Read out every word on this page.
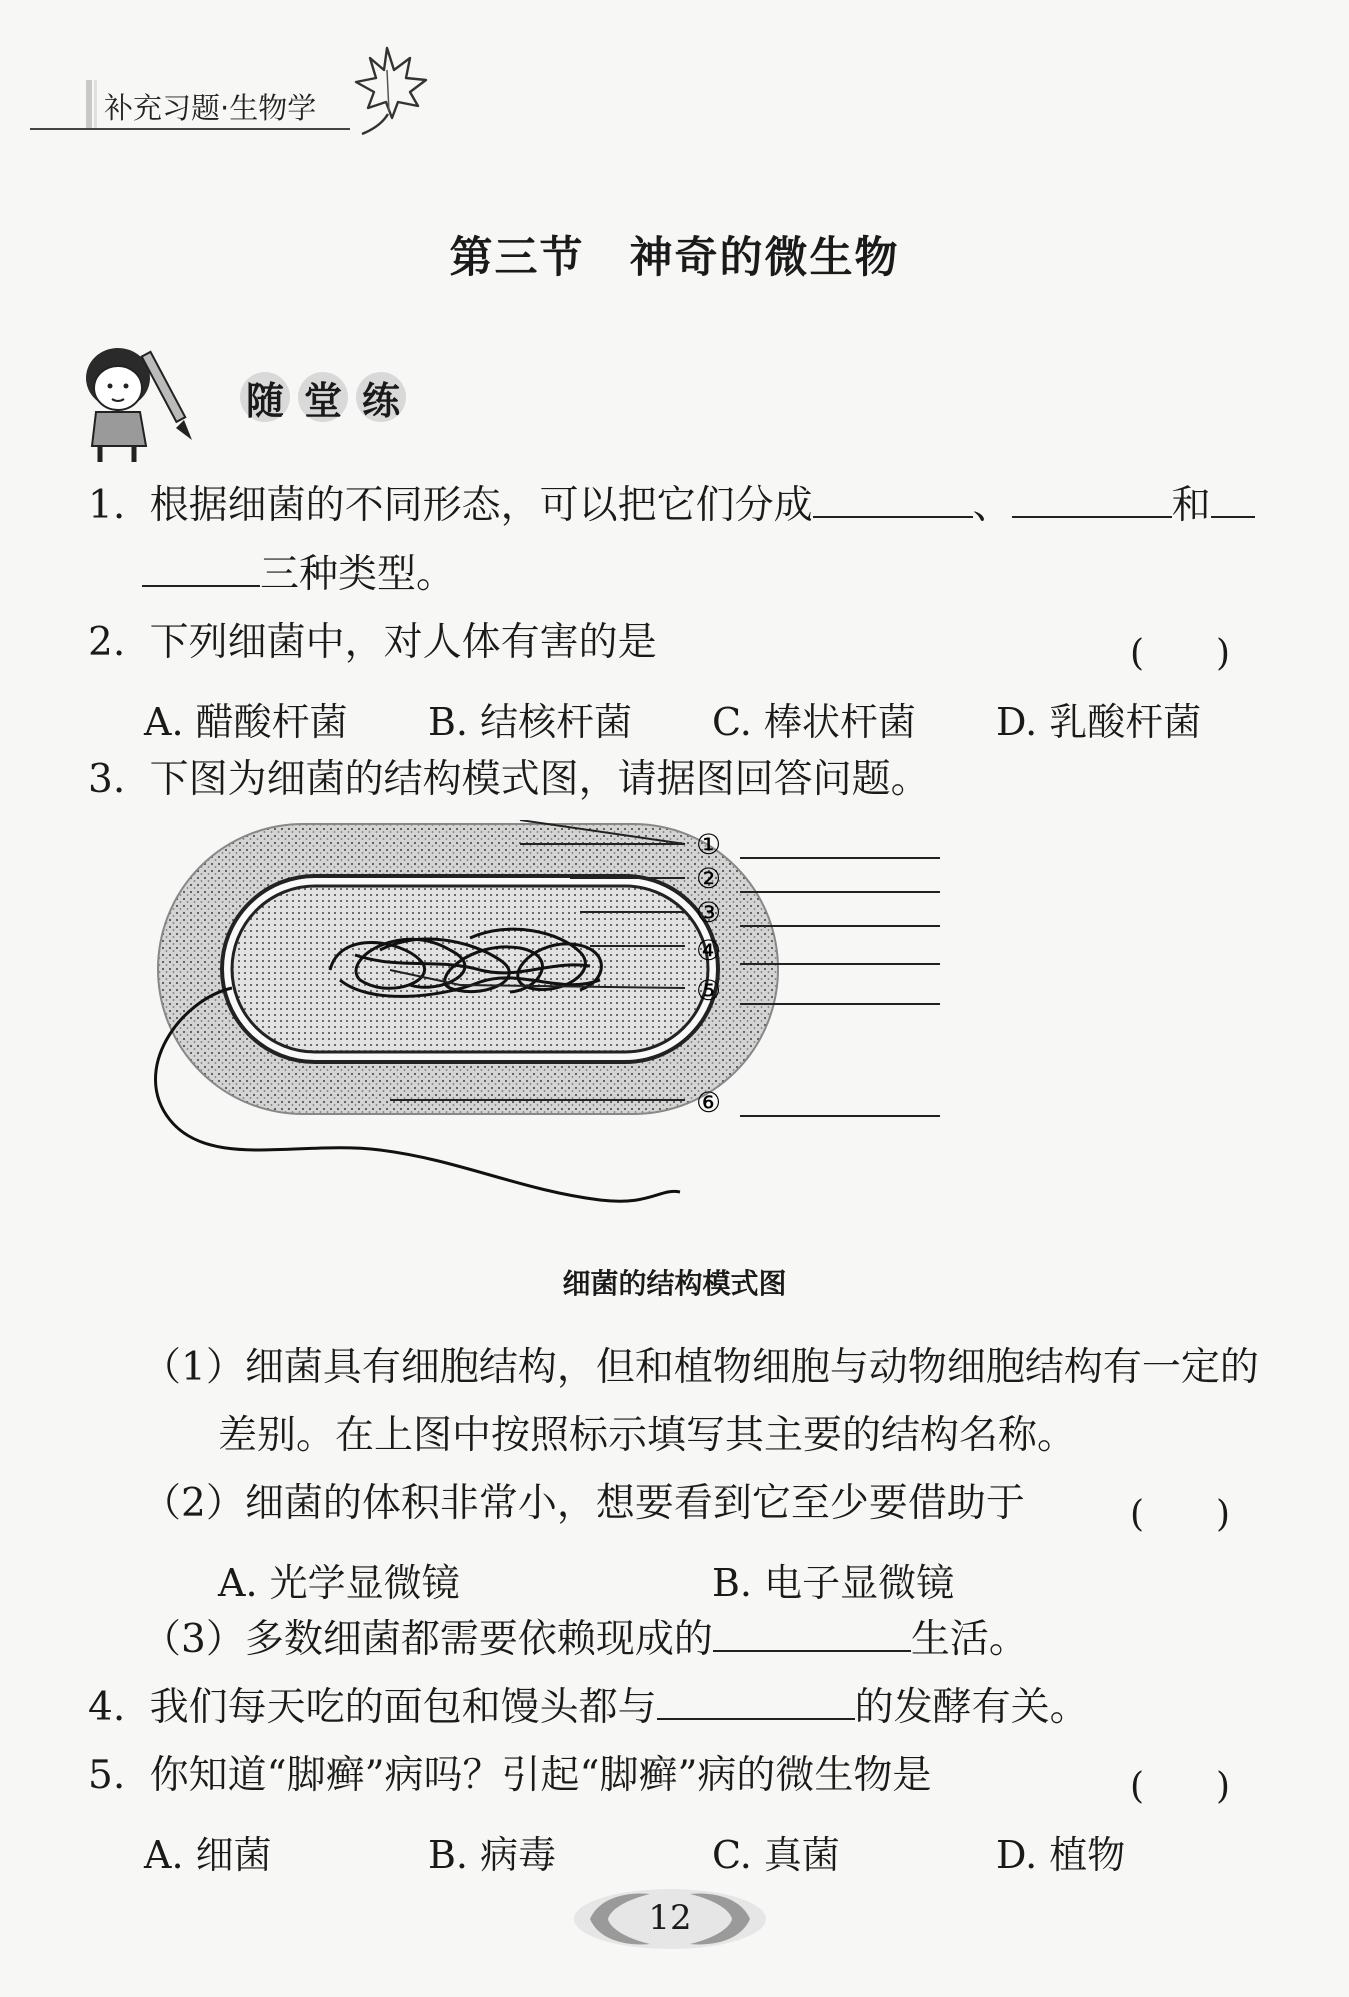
补充习题·生物学
第三节　神奇的微生物
随 堂 练
1. 根据细菌的不同形态，可以把它们分成	、	和
三种类型。
2. 下列细菌中，对人体有害的是	(　　)
A. 醋酸杆菌 B. 结核杆菌 C. 棒状杆菌 D. 乳酸杆菌
3. 下图为细菌的结构模式图，请据图回答问题。
①
②
③
④
⑤
⑥
细菌的结构模式图
（1）细菌具有细胞结构，但和植物细胞与动物细胞结构有一定的
差别。在上图中按照标示填写其主要的结构名称。
（2）细菌的体积非常小，想要看到它至少要借助于	(　　)
A. 光学显微镜	B. 电子显微镜
（3）多数细菌都需要依赖现成的	生活。
4. 我们每天吃的面包和馒头都与	的发酵有关。
5. 你知道“脚癣”病吗？引起“脚癣”病的微生物是	(　　)
A. 细菌	B. 病毒	C. 真菌	D. 植物
12
